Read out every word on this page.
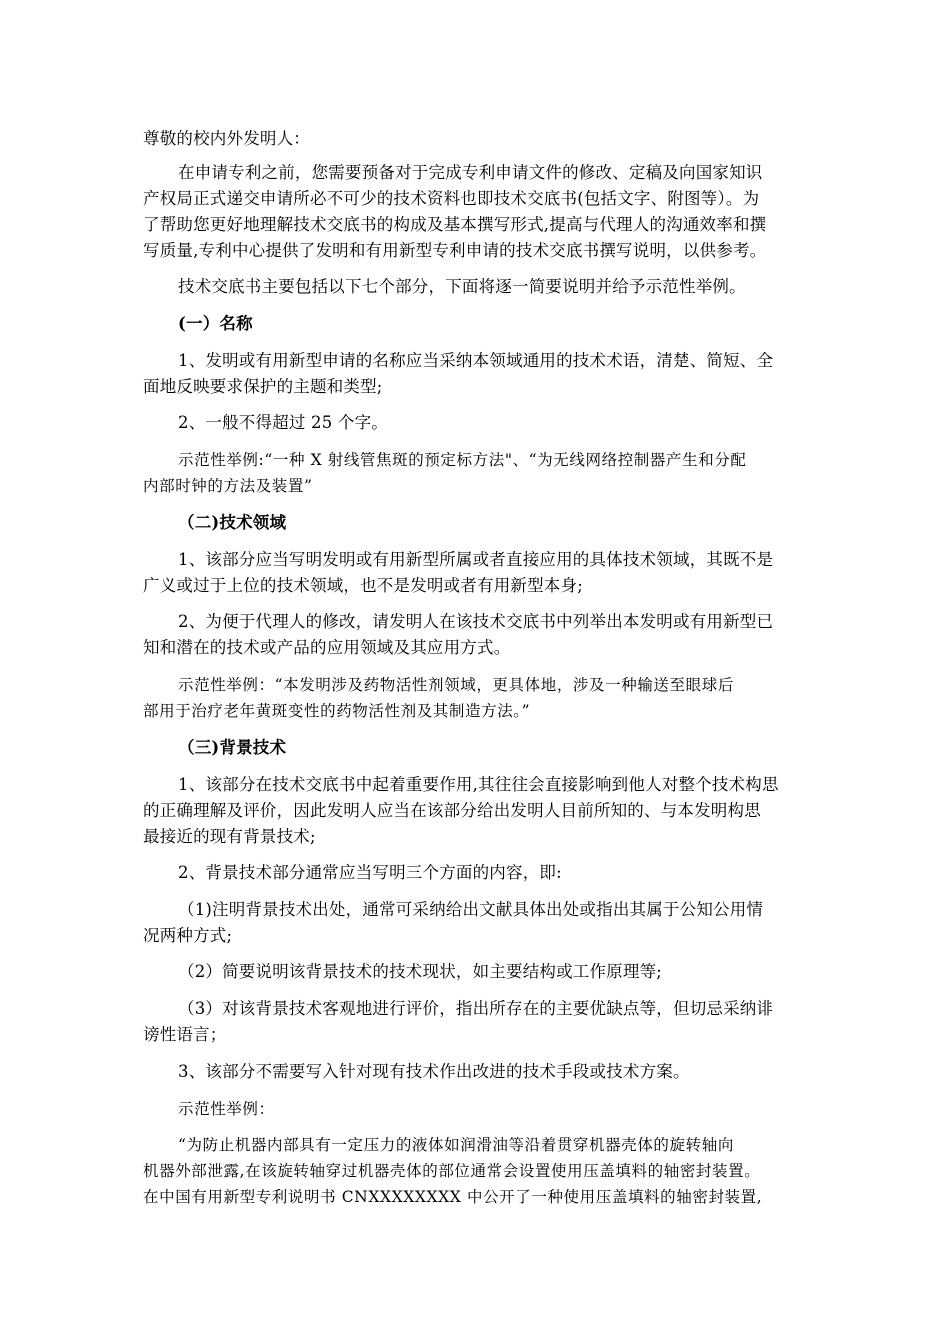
尊敬的校内外发明人：
在申请专利之前，您需要预备对于完成专利申请文件的修改、定稿及向国家知识
产权局正式递交申请所必不可少的技术资料也即技术交底书(包括文字、附图等）。为
了帮助您更好地理解技术交底书的构成及基本撰写形式,提高与代理人的沟通效率和撰
写质量,专利中心提供了发明和有用新型专利申请的技术交底书撰写说明，以供参考。
技术交底书主要包括以下七个部分，下面将逐一简要说明并给予示范性举例。
(一）名称
1、发明或有用新型申请的名称应当采纳本领域通用的技术术语，清楚、简短、全
面地反映要求保护的主题和类型;
2、一般不得超过 25 个字。
示范性举例:“一种 X 射线管焦斑的预定标方法"、“为无线网络控制器产生和分配
内部时钟的方法及装置”
（二)技术领域
1、该部分应当写明发明或有用新型所属或者直接应用的具体技术领域，其既不是
广义或过于上位的技术领域，也不是发明或者有用新型本身;
2、为便于代理人的修改，请发明人在该技术交底书中列举出本发明或有用新型已
知和潜在的技术或产品的应用领域及其应用方式。
示范性举例：“本发明涉及药物活性剂领域，更具体地，涉及一种输送至眼球后
部用于治疗老年黄斑变性的药物活性剂及其制造方法。”
（三)背景技术
1、该部分在技术交底书中起着重要作用,其往往会直接影响到他人对整个技术构思
的正确理解及评价，因此发明人应当在该部分给出发明人目前所知的、与本发明构思
最接近的现有背景技术;
2、背景技术部分通常应当写明三个方面的内容，即:
（1)注明背景技术出处，通常可采纳给出文献具体出处或指出其属于公知公用情
况两种方式;
（2）简要说明该背景技术的技术现状，如主要结构或工作原理等;
（3）对该背景技术客观地进行评价，指出所存在的主要优缺点等，但切忌采纳诽
谤性语言；
3、该部分不需要写入针对现有技术作出改进的技术手段或技术方案。
示范性举例：
“为防止机器内部具有一定压力的液体如润滑油等沿着贯穿机器壳体的旋转轴向
机器外部泄露,在该旋转轴穿过机器壳体的部位通常会设置使用压盖填料的轴密封装置。
在中国有用新型专利说明书 CNXXXXXXXX 中公开了一种使用压盖填料的轴密封装置,
